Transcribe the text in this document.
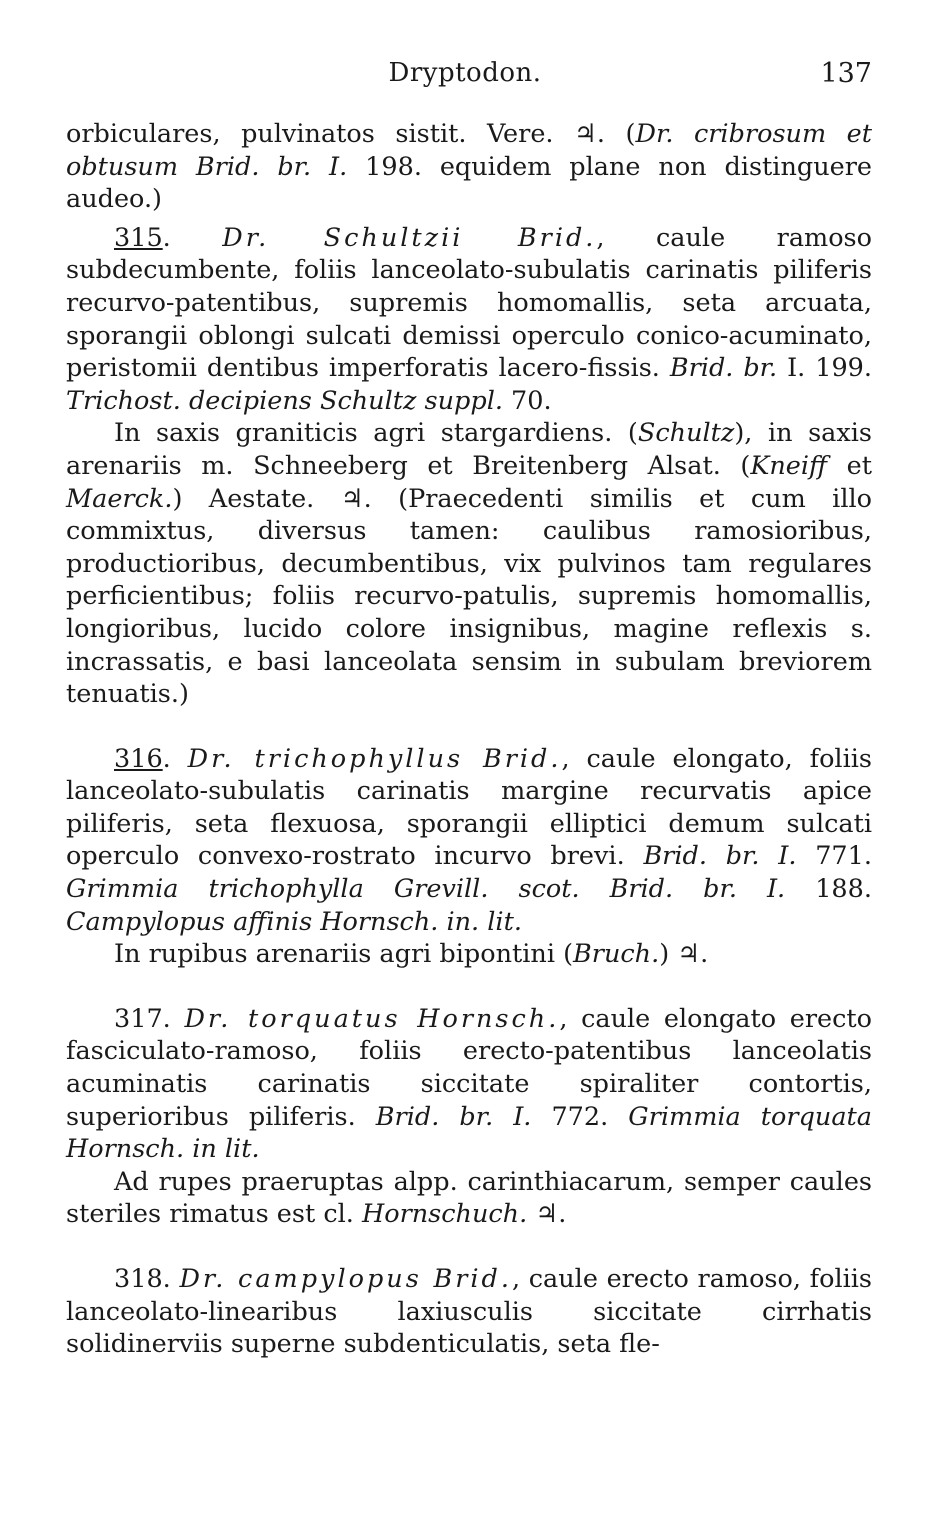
Dryptodon.	137

orbiculares, pulvinatos sistit. Vere. ♃. (Dr. cribrosum et obtusum Brid. br. I. 198. equidem plane non distinguere audeo.)

315. Dr. Schultzii Brid., caule ramoso subdecumbente, foliis lanceolato-subulatis carinatis piliferis recurvo-patentibus, supremis homomallis, seta arcuata, sporangii oblongi sulcati demissi operculo conico-acuminato, peristomii dentibus imperforatis lacero-fissis. Brid. br. I. 199. Trichost. decipiens Schultz suppl. 70.

In saxis graniticis agri stargardiens. (Schultz), in saxis arenariis m. Schneeberg et Breitenberg Alsat. (Kneiff et Maerck.) Aestate. ♃. (Praecedenti similis et cum illo commixtus, diversus tamen: caulibus ramosioribus, productioribus, decumbentibus, vix pulvinos tam regulares perficientibus; foliis recurvo-patulis, supremis homomallis, longioribus, lucido colore insignibus, magine reflexis s. incrassatis, e basi lanceolata sensim in subulam breviorem tenuatis.)

316. Dr. trichophyllus Brid., caule elongato, foliis lanceolato-subulatis carinatis margine recurvatis apice piliferis, seta flexuosa, sporangii elliptici demum sulcati operculo convexo-rostrato incurvo brevi. Brid. br. I. 771. Grimmia trichophylla Grevill. scot. Brid. br. I. 188. Campylopus affinis Hornsch. in. lit.

In rupibus arenariis agri bipontini (Bruch.) ♃.

317. Dr. torquatus Hornsch., caule elongato erecto fasciculato-ramoso, foliis erecto-patentibus lanceolatis acuminatis carinatis siccitate spiraliter contortis, superioribus piliferis. Brid. br. I. 772. Grimmia torquata Hornsch. in lit.

Ad rupes praeruptas alpp. carinthiacarum, semper caules steriles rimatus est cl. Hornschuch. ♃.

318. Dr. campylopus Brid., caule erecto ramoso, foliis lanceolato-linearibus laxiusculis siccitate cirrhatis solidinerviis superne subdenticulatis, seta fle-
